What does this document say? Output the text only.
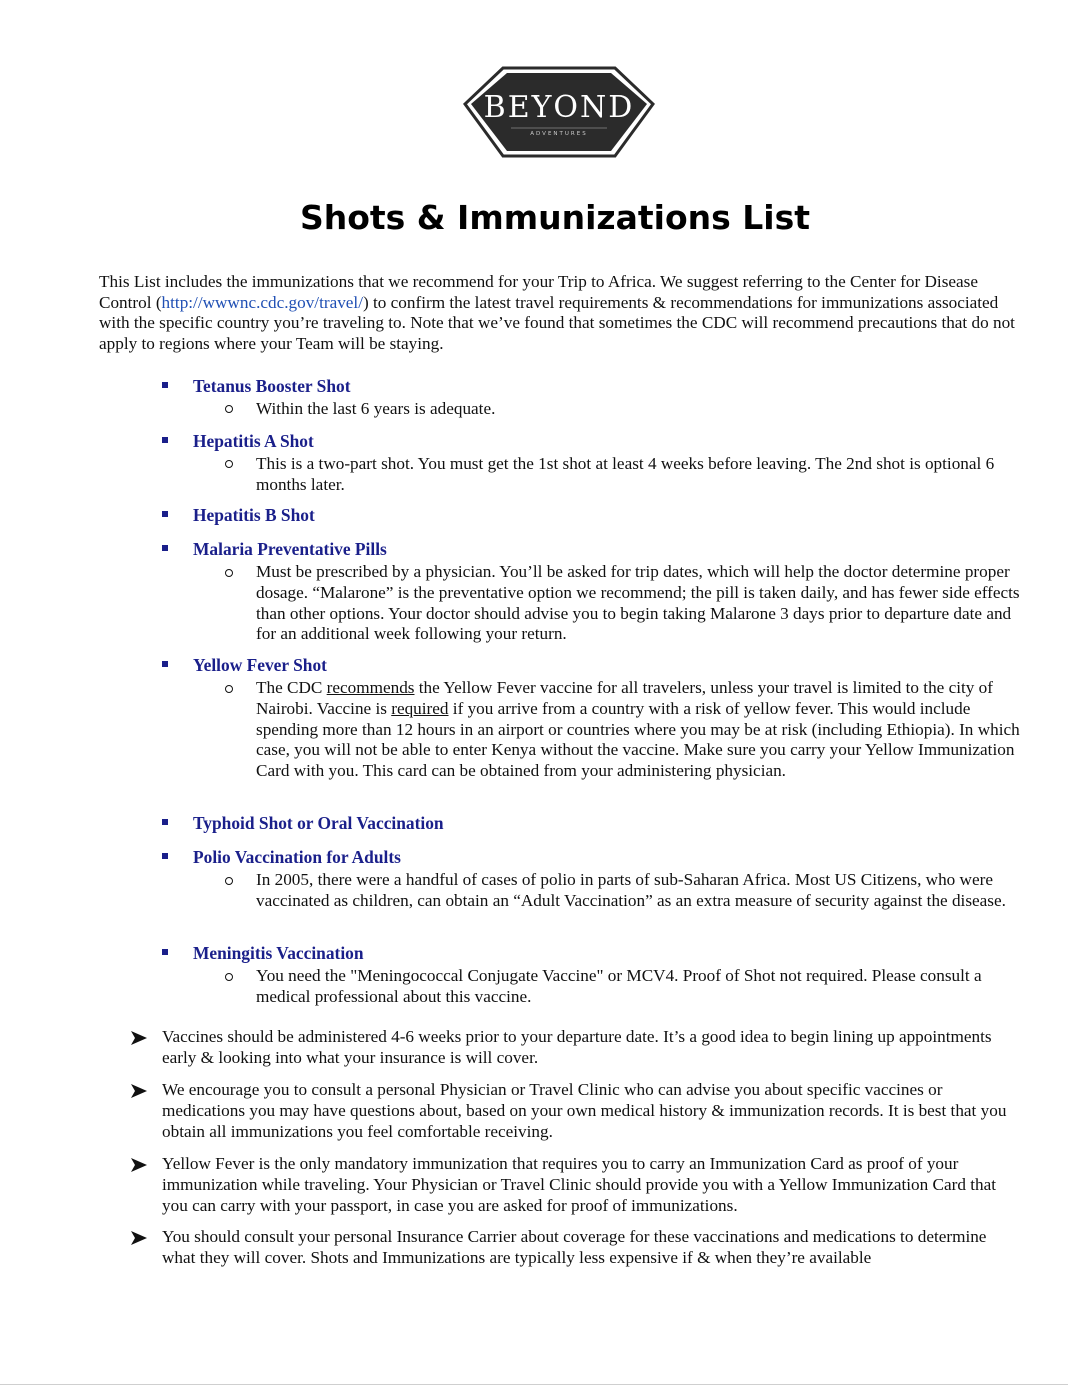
BEYOND
ADVENTURES
Shots & Immunizations List
This List includes the immunizations that we recommend for your Trip to Africa. We suggest referring to the Center for Disease Control (http://wwwnc.cdc.gov/travel/) to confirm the latest travel requirements & recommendations for immunizations associated with the specific country you’re traveling to. Note that we’ve found that sometimes the CDC will recommend precautions that do not apply to regions where your Team will be staying.
Tetanus Booster Shot
Within the last 6 years is adequate.
Hepatitis A Shot
This is a two-part shot. You must get the 1st shot at least 4 weeks before leaving. The 2nd shot is optional 6 months later.
Hepatitis B Shot
Malaria Preventative Pills
Must be prescribed by a physician. You’ll be asked for trip dates, which will help the doctor determine proper dosage. “Malarone” is the preventative option we recommend; the pill is taken daily, and has fewer side effects than other options. Your doctor should advise you to begin taking Malarone 3 days prior to departure date and for an additional week following your return.
Yellow Fever Shot
The CDC recommends the Yellow Fever vaccine for all travelers, unless your travel is limited to the city of Nairobi. Vaccine is required if you arrive from a country with a risk of yellow fever. This would include spending more than 12 hours in an airport or countries where you may be at risk (including Ethiopia). In which case, you will not be able to enter Kenya without the vaccine. Make sure you carry your Yellow Immunization Card with you. This card can be obtained from your administering physician.
Typhoid Shot or Oral Vaccination
Polio Vaccination for Adults
In 2005, there were a handful of cases of polio in parts of sub-Saharan Africa. Most US Citizens, who were vaccinated as children, can obtain an “Adult Vaccination” as an extra measure of security against the disease.
Meningitis Vaccination
You need the "Meningococcal Conjugate Vaccine" or MCV4. Proof of Shot not required. Please consult a medical professional about this vaccine.
Vaccines should be administered 4-6 weeks prior to your departure date. It’s a good idea to begin lining up appointments early & looking into what your insurance is will cover.
We encourage you to consult a personal Physician or Travel Clinic who can advise you about specific vaccines or medications you may have questions about, based on your own medical history & immunization records. It is best that you obtain all immunizations you feel comfortable receiving.
Yellow Fever is the only mandatory immunization that requires you to carry an Immunization Card as proof of your immunization while traveling. Your Physician or Travel Clinic should provide you with a Yellow Immunization Card that you can carry with your passport, in case you are asked for proof of immunizations.
You should consult your personal Insurance Carrier about coverage for these vaccinations and medications to determine what they will cover. Shots and Immunizations are typically less expensive if & when they’re available
